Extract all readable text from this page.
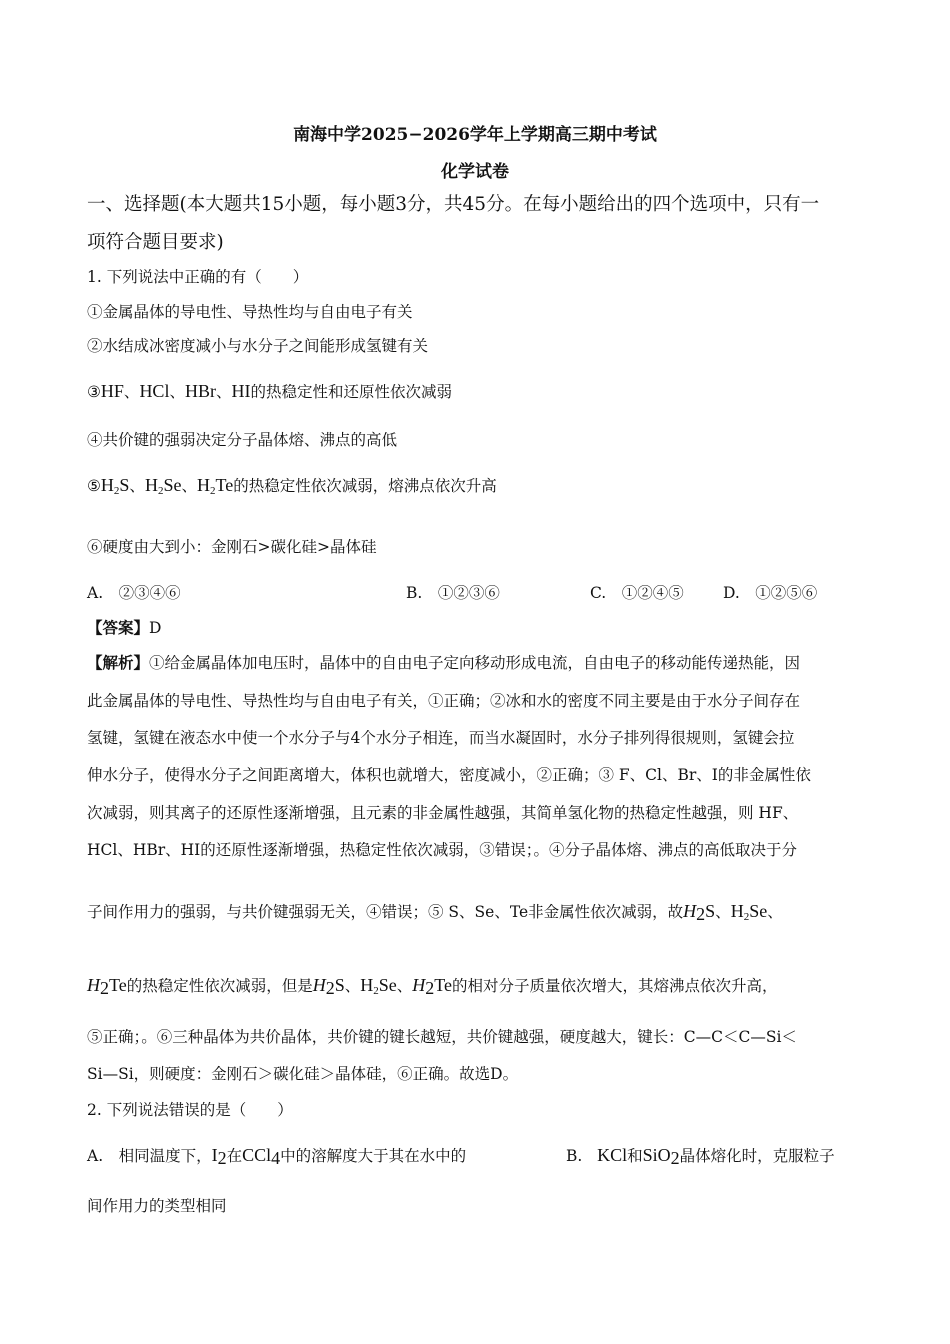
南海中学2025−2026学年上学期高三期中考试
化学试卷
一、选择题(本大题共15小题，每小题3分，共45分。在每小题给出的四个选项中，只有一
项符合题目要求)
1. 下列说法中正确的有（　　）
①金属晶体的导电性、导热性均与自由电子有关
②水结成冰密度减小与水分子之间能形成氢键有关
③HF、HCl、HBr、HI的热稳定性和还原性依次减弱
④共价键的强弱决定分子晶体熔、沸点的高低
$⑤H_2S$、$H_2Se$、$H_2Te$的热稳定性依次减弱，熔沸点依次升高
⑥硬度由大到小：金刚石>碳化硅>晶体硅
A.　②③④⑥	B.　①②③⑥	C.　①②④⑤	D.　①②⑤⑥
【答案】D
【解析】①给金属晶体加电压时，晶体中的自由电子定向移动形成电流，自由电子的移动能传递热能，因
此金属晶体的导电性、导热性均与自由电子有关，①正确；②冰和水的密度不同主要是由于水分子间存在
氢键，氢键在液态水中使一个水分子与4个水分子相连，而当水凝固时，水分子排列得很规则，氢键会拉
伸水分子，使得水分子之间距离增大，体积也就增大，密度减小，②正确；③ F、Cl、Br、I的非金属性依
次减弱，则其离子的还原性逐渐增强，且元素的非金属性越强，其简单氢化物的热稳定性越强，则 HF、
HCl、HBr、HI的还原性逐渐增强，热稳定性依次减弱，③错误；。④分子晶体熔、沸点的高低取决于分
子间作用力的强弱，与共价键强弱无关，④错误；⑤ S、Se、Te非金属性依次减弱，故$H_2S$、$H_2Se$、
$H_2Te$的热稳定性依次减弱，但是$H_2S$、$H_2Se$、$H_2Te$的相对分子质量依次增大，其熔沸点依次升高，
⑤正确；。⑥三种晶体为共价晶体，共价键的键长越短，共价键越强，硬度越大，键长：C—C＜C—Si＜
Si—Si，则硬度：金刚石＞碳化硅＞晶体硅，⑥正确。故选D。
2. 下列说法错误的是（　　）
A.　相同温度下，$I_2$在CCl$_4$中的溶解度大于其在水中的	B. KCl和SiO$_2$晶体熔化时，克服粒子
间作用力的类型相同
